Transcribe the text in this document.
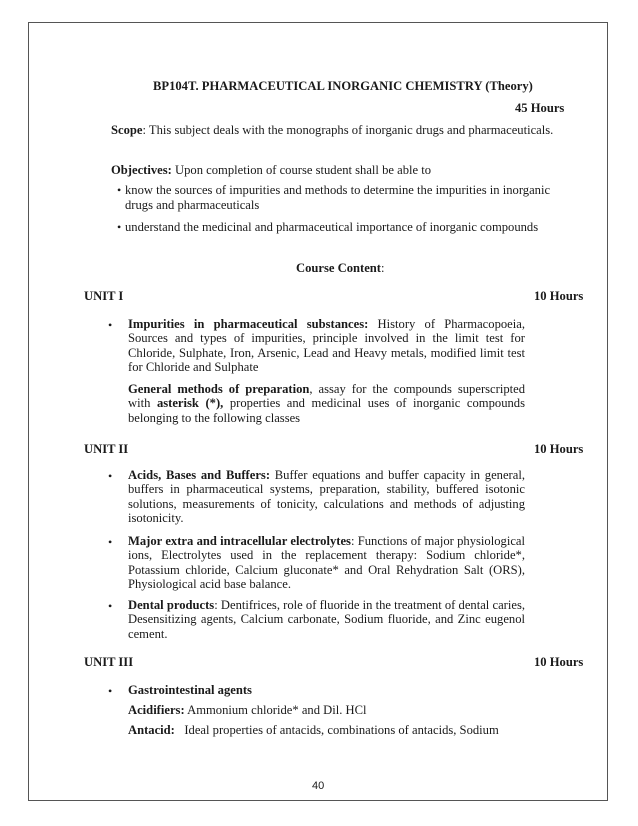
BP104T. PHARMACEUTICAL INORGANIC CHEMISTRY (Theory)
45 Hours
Scope: This subject deals with the monographs of inorganic drugs and pharmaceuticals.
Objectives: Upon completion of course student shall be able to
• know the sources of impurities and methods to determine the impurities in inorganic
drugs and pharmaceuticals
• understand the medicinal and pharmaceutical importance of inorganic compounds
Course Content:
UNIT I	10 Hours
• Impurities in pharmaceutical substances: History of Pharmacopoeia, Sources and types of impurities, principle involved in the limit test for Chloride, Sulphate, Iron, Arsenic, Lead and Heavy metals, modified limit test for Chloride and Sulphate
General methods of preparation, assay for the compounds superscripted with asterisk (*), properties and medicinal uses of inorganic compounds belonging to the following classes
UNIT II	10 Hours
• Acids, Bases and Buffers: Buffer equations and buffer capacity in general, buffers in pharmaceutical systems, preparation, stability, buffered isotonic solutions, measurements of tonicity, calculations and methods of adjusting isotonicity.
• Major extra and intracellular electrolytes: Functions of major physiological ions, Electrolytes used in the replacement therapy: Sodium chloride*, Potassium chloride, Calcium gluconate* and Oral Rehydration Salt (ORS), Physiological acid base balance.
• Dental products: Dentifrices, role of fluoride in the treatment of dental caries, Desensitizing agents, Calcium carbonate, Sodium fluoride, and Zinc eugenol cement.
UNIT III	10 Hours
• Gastrointestinal agents
Acidifiers: Ammonium chloride* and Dil. HCl
Antacid:   Ideal properties of antacids, combinations of antacids, Sodium
40
